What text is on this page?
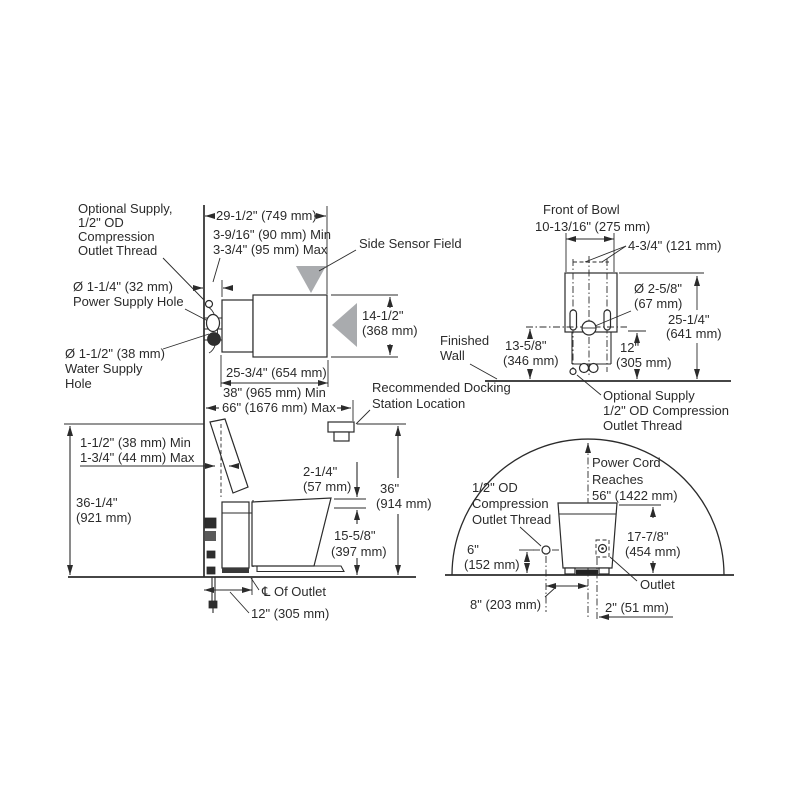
29-1/2" (749 mm)
3-9/16" (90 mm) Min
3-3/4" (95 mm) Max
Optional Supply,
1/2" OD
Compression
Outlet Thread
Ø 1-1/4" (32 mm)
Power Supply Hole
Ø 1-1/2" (38 mm)
Water Supply
Hole
Side Sensor Field
14-1/2"
(368 mm)
25-3/4" (654 mm)
38" (965 mm) Min
66" (1676 mm) Max
Recommended Docking
Station Location
36"
(914 mm)
Front of Bowl
10-13/16" (275 mm)
4-3/4" (121 mm)
Ø 2-5/8"
(67 mm)
13-5/8"
(346 mm)
12"
(305 mm)
25-1/4"
(641 mm)
Finished
Wall
Optional Supply
1/2" OD Compression
Outlet Thread
1-1/2" (38 mm) Min
1-3/4" (44 mm) Max
36-1/4"
(921 mm)
2-1/4"
(57 mm)
15-5/8"
(397 mm)
℄ Of Outlet
12" (305 mm)
Power Cord
Reaches
56" (1422 mm)
Outlet
17-7/8"
(454 mm)
1/2" OD
Compression
Outlet Thread
6"
(152 mm)
8" (203 mm)	2" (51 mm)
